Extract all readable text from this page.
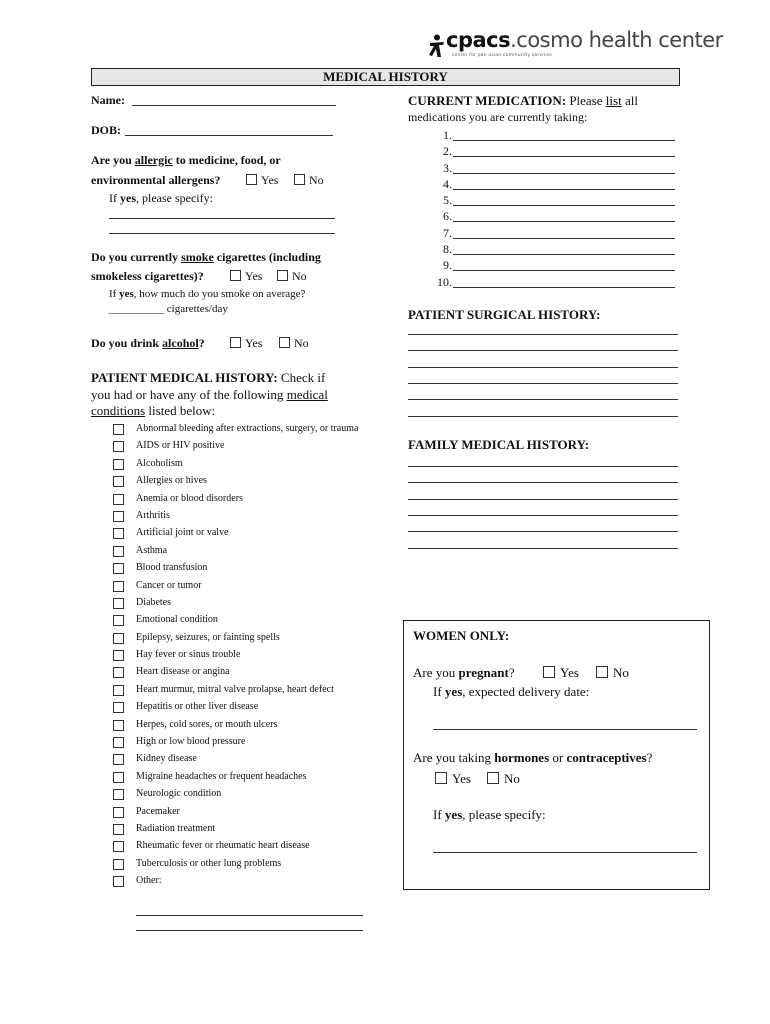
cpacs.cosmo health center
center for pan asian community services
MEDICAL HISTORY
Name:
DOB:
Are you allergic to medicine, food, or
environmental allergens?	Yes	No
If yes, please specify:
Do you currently smoke cigarettes (including
smokeless cigarettes)?	Yes	No
If yes, how much do you smoke on average?
__________ cigarettes/day
Do you drink alcohol?	Yes	No
PATIENT MEDICAL HISTORY: Check if
you had or have any of the following medical
conditions listed below:
Abnormal bleeding after extractions, surgery, or trauma
AIDS or HIV positive
Alcoholism
Allergies or hives
Anemia or blood disorders
Arthritis
Artificial joint or valve
Asthma
Blood transfusion
Cancer or tumor
Diabetes
Emotional condition
Epilepsy, seizures, or fainting spells
Hay fever or sinus trouble
Heart disease or angina
Heart murmur, mitral valve prolapse, heart defect
Hepatitis or other liver disease
Herpes, cold sores, or mouth ulcers
High or low blood pressure
Kidney disease
Migraine headaches or frequent headaches
Neurologic condition
Pacemaker
Radiation treatment
Rheumatic fever or rheumatic heart disease
Tuberculosis or other lung problems
Other:
CURRENT MEDICATION: Please list all
medications you are currently taking:
1.
2.
3.
4.
5.
6.
7.
8.
9.
10.
PATIENT SURGICAL HISTORY:
FAMILY MEDICAL HISTORY:
WOMEN ONLY:
Are you pregnant?	Yes	No
If yes, expected delivery date:
Are you taking hormones or contraceptives?
Yes	No
If yes, please specify:
